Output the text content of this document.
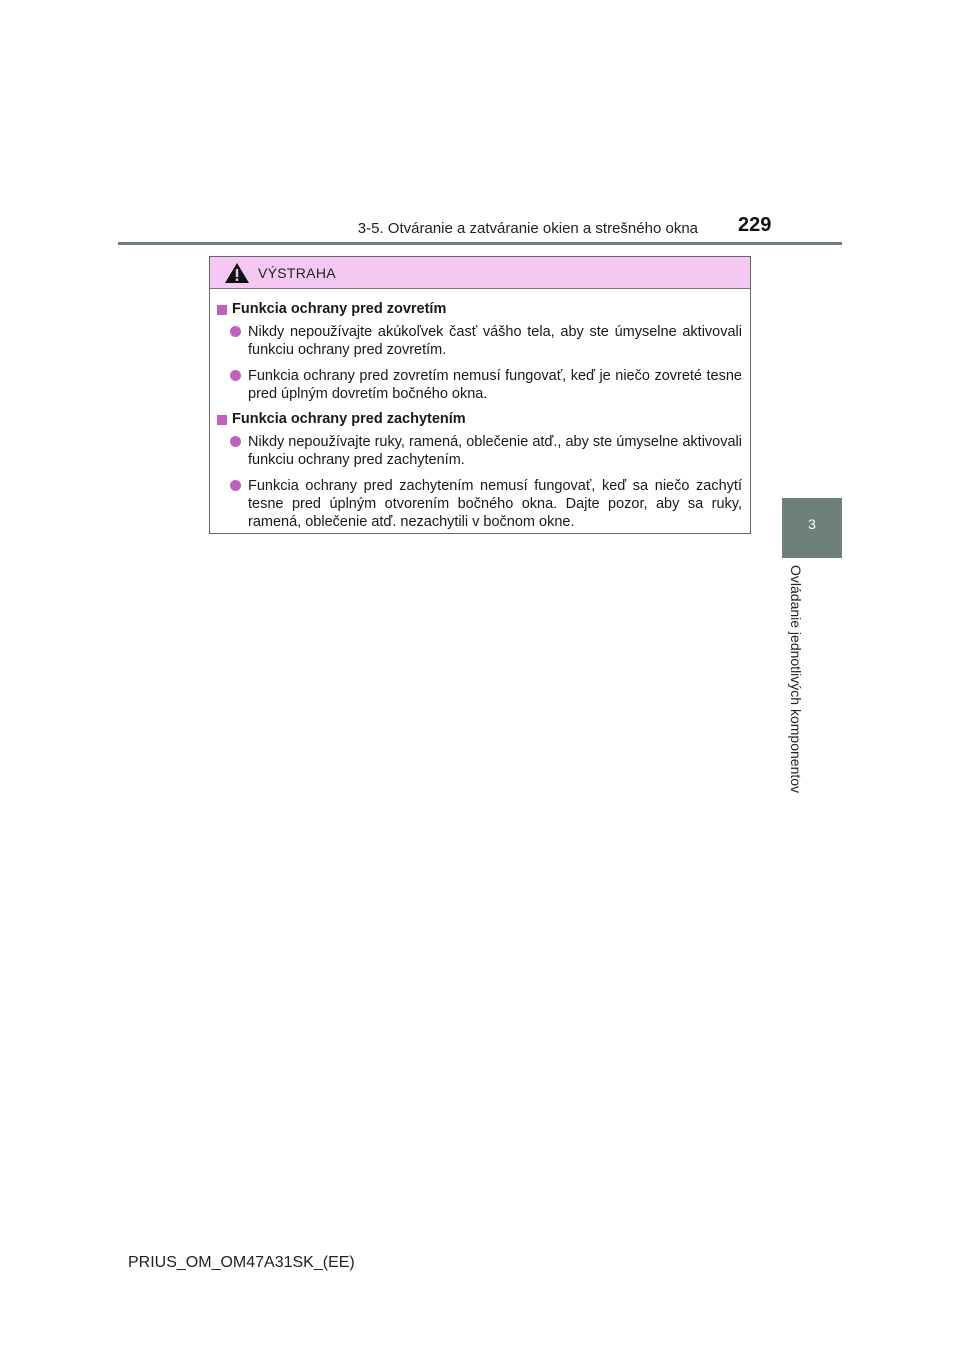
3-5. Otváranie a zatváranie okien a strešného okna 229
3
Ovládanie jednotlivých komponentov
VÝSTRAHA
Funkcia ochrany pred zovretím
Nikdy nepoužívajte akúkoľvek časť vášho tela, aby ste úmyselne aktivovali funkciu ochrany pred zovretím.
Funkcia ochrany pred zovretím nemusí fungovať, keď je niečo zovreté tesne pred úplným dovretím bočného okna.
Funkcia ochrany pred zachytením
Nikdy nepoužívajte ruky, ramená, oblečenie atď., aby ste úmyselne aktivovali funkciu ochrany pred zachytením.
Funkcia ochrany pred zachytením nemusí fungovať, keď sa niečo zachytí tesne pred úplným otvorením bočného okna. Dajte pozor, aby sa ruky, ramená, oblečenie atď. nezachytili v bočnom okne.
PRIUS_OM_OM47A31SK_(EE)
